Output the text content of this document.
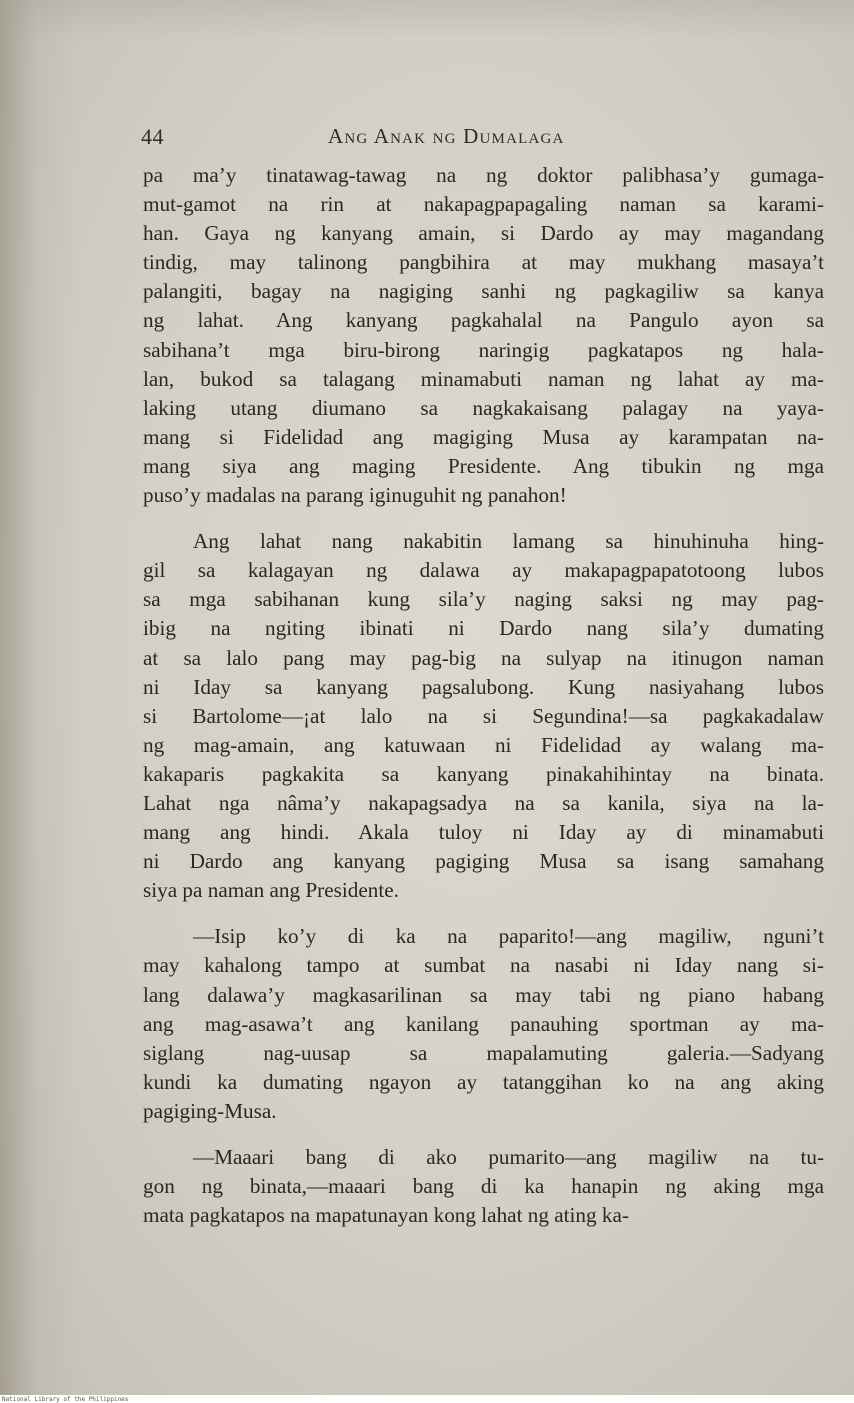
44	Ang Anak ng Dumalaga

pa ma’y tinatawag-tawag na ng doktor palibhasa’y gumaga-
mut-gamot na rin at nakapagpapagaling naman sa karami-
han. Gaya ng kanyang amain, si Dardo ay may magandang
tindig, may talinong pangbihira at may mukhang masaya’t
palangiti, bagay na nagiging sanhi ng pagkagiliw sa kanya
ng lahat. Ang kanyang pagkahalal na Pangulo ayon sa
sabihana’t mga biru-birong naringig pagkatapos ng hala-
lan, bukod sa talagang minamabuti naman ng lahat ay ma-
laking utang diumano sa nagkakaisang palagay na yaya-
mang si Fidelidad ang magiging Musa ay karampatan na-
mang siya ang maging Presidente. Ang tibukin ng mga
puso’y madalas na parang iginuguhit ng panahon!

Ang lahat nang nakabitin lamang sa hinuhinuha hing-
gil sa kalagayan ng dalawa ay makapagpapatotoong lubos
sa mga sabihanan kung sila’y naging saksi ng may pag-
ibig na ngiting ibinati ni Dardo nang sila’y dumating
at sa lalo pang may pag-big na sulyap na itinugon naman
ni Iday sa kanyang pagsalubong. Kung nasiyahang lubos
si Bartolome—¡at lalo na si Segundina!—sa pagkakadalaw
ng mag-amain, ang katuwaan ni Fidelidad ay walang ma-
kakaparis pagkakita sa kanyang pinakahihintay na binata.
Lahat nga nâma’y nakapagsadya na sa kanila, siya na la-
mang ang hindi. Akala tuloy ni Iday ay di minamabuti
ni Dardo ang kanyang pagiging Musa sa isang samahang
siya pa naman ang Presidente.

—Isip ko’y di ka na paparito!—ang magiliw, nguni’t
may kahalong tampo at sumbat na nasabi ni Iday nang si-
lang dalawa’y magkasarilinan sa may tabi ng piano habang
ang mag-asawa’t ang kanilang panauhing sportman ay ma-
siglang nag-uusap sa mapalamuting galeria.—Sadyang
kundi ka dumating ngayon ay tatanggihan ko na ang aking
pagiging-Musa.

—Maaari bang di ako pumarito—ang magiliw na tu-
gon ng binata,—maaari bang di ka hanapin ng aking mga
mata pagkatapos na mapatunayan kong lahat ng ating ka-

National Library of the Philippines
